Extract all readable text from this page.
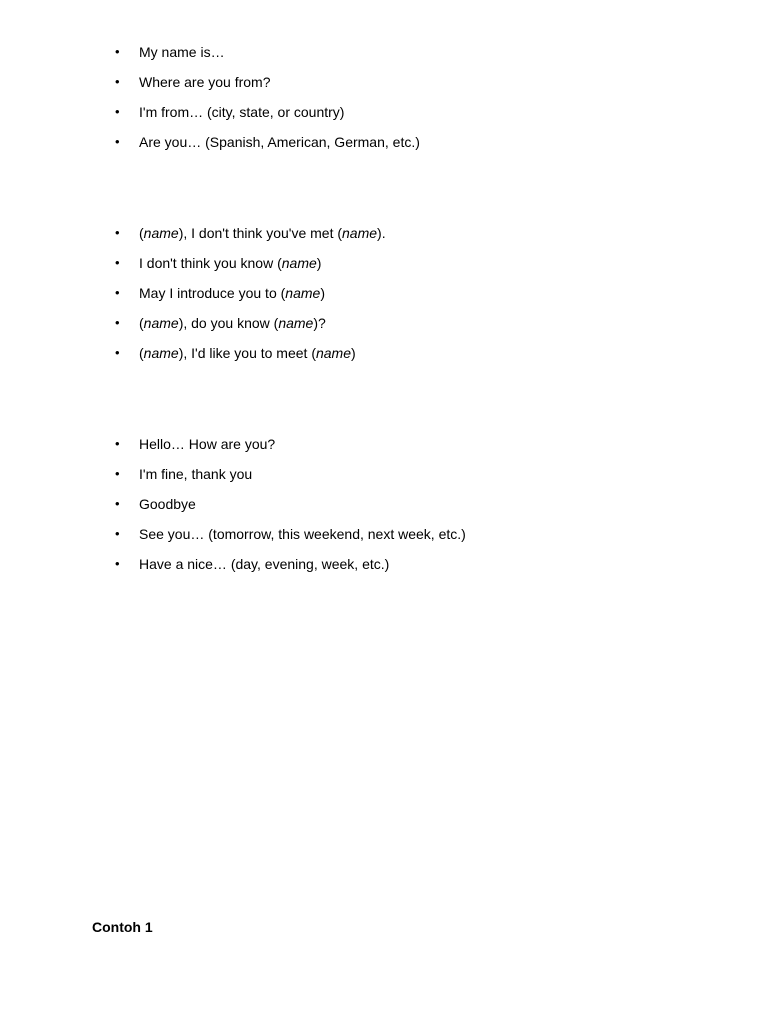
• My name is…
• Where are you from?
• I'm from… (city, state, or country)
• Are you… (Spanish, American, German, etc.)
• (name), I don't think you've met (name).
• I don't think you know (name)
• May I introduce you to (name)
• (name), do you know (name)?
• (name), I'd like you to meet (name)
• Hello… How are you?
• I'm fine, thank you
• Goodbye
• See you… (tomorrow, this weekend, next week, etc.)
• Have a nice… (day, evening, week, etc.)
Contoh 1
